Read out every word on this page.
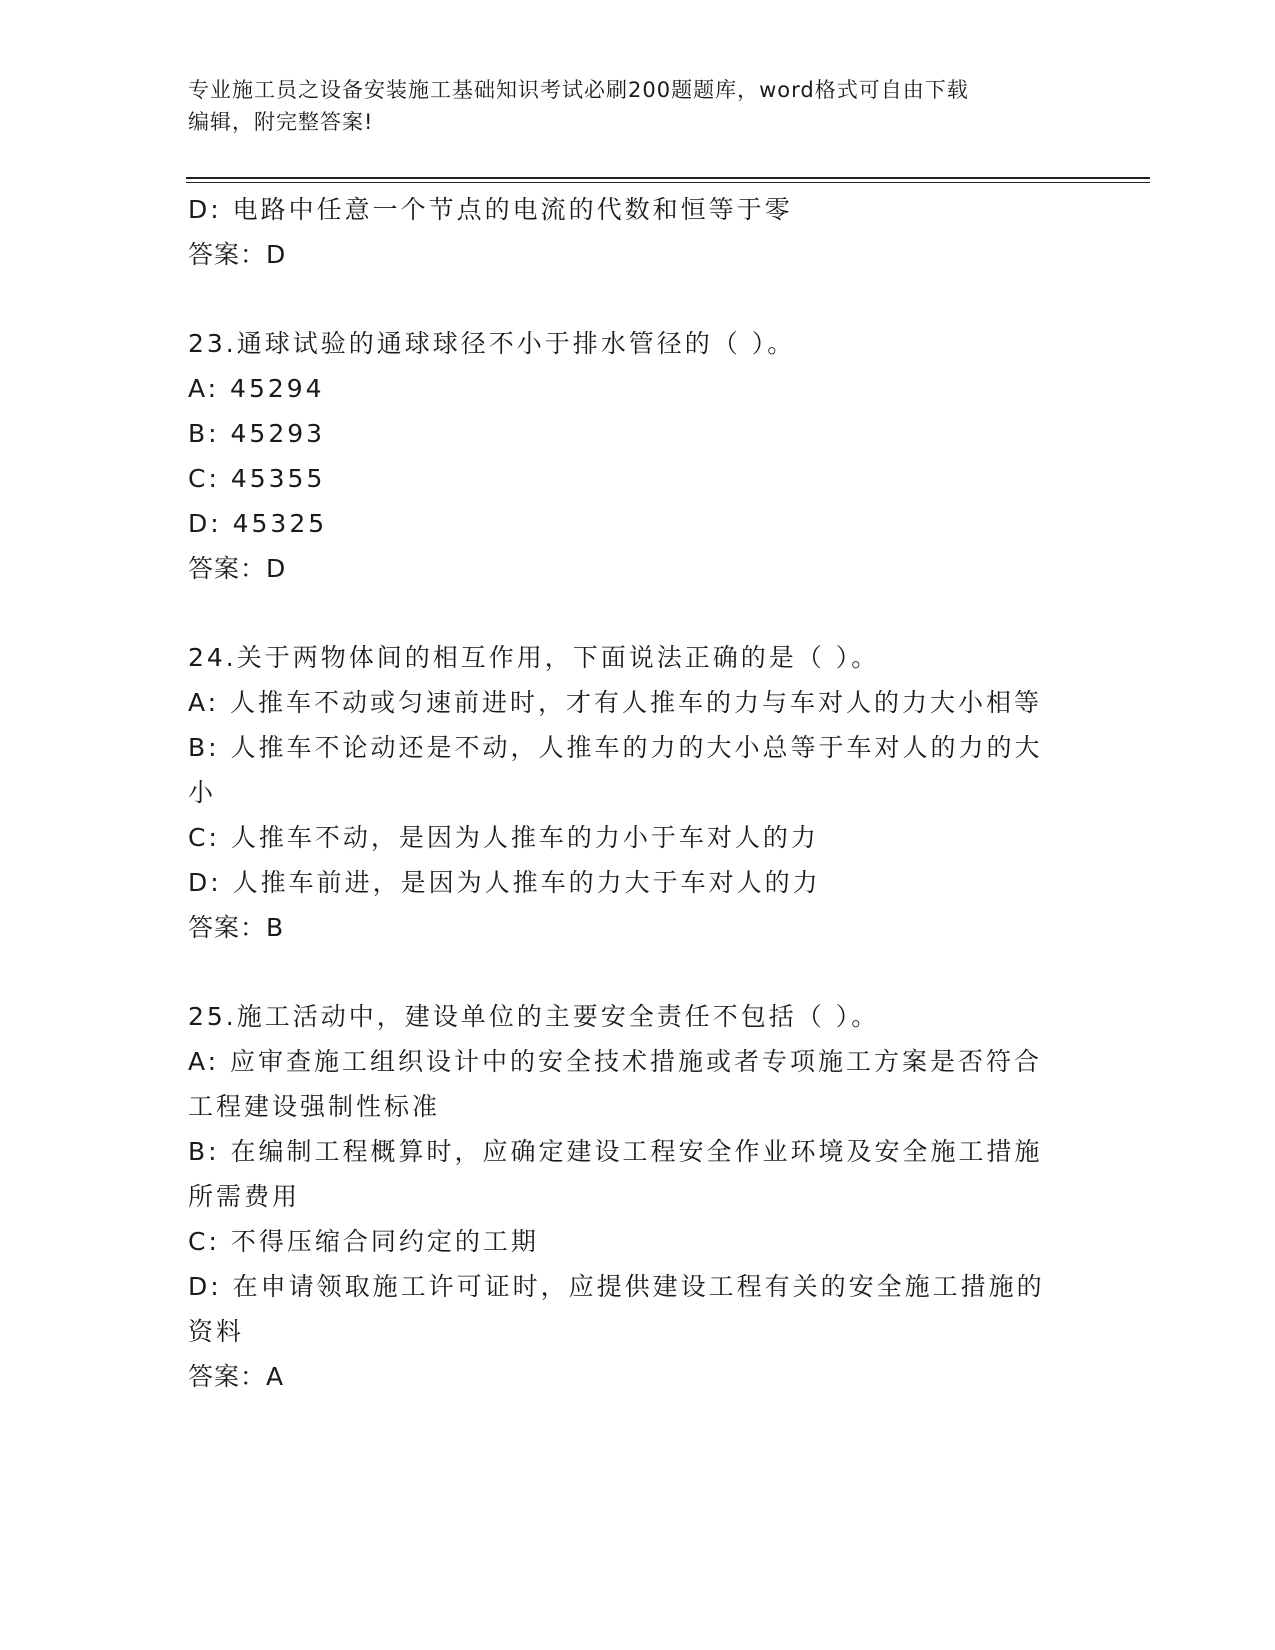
专业施工员之设备安装施工基础知识考试必刷200题题库，word格式可自由下载
编辑，附完整答案!
D: 电路中任意一个节点的电流的代数和恒等于零
答案：D
23.通球试验的通球球径不小于排水管径的（ ）。
A: 45294
B: 45293
C: 45355
D: 45325
答案：D
24.关于两物体间的相互作用，下面说法正确的是（ ）。
A: 人推车不动或匀速前进时，才有人推车的力与车对人的力大小相等
B: 人推车不论动还是不动，人推车的力的大小总等于车对人的力的大
小
C: 人推车不动，是因为人推车的力小于车对人的力
D: 人推车前进，是因为人推车的力大于车对人的力
答案：B
25.施工活动中，建设单位的主要安全责任不包括（ ）。
A: 应审查施工组织设计中的安全技术措施或者专项施工方案是否符合
工程建设强制性标准
B: 在编制工程概算时，应确定建设工程安全作业环境及安全施工措施
所需费用
C: 不得压缩合同约定的工期
D: 在申请领取施工许可证时，应提供建设工程有关的安全施工措施的
资料
答案：A
